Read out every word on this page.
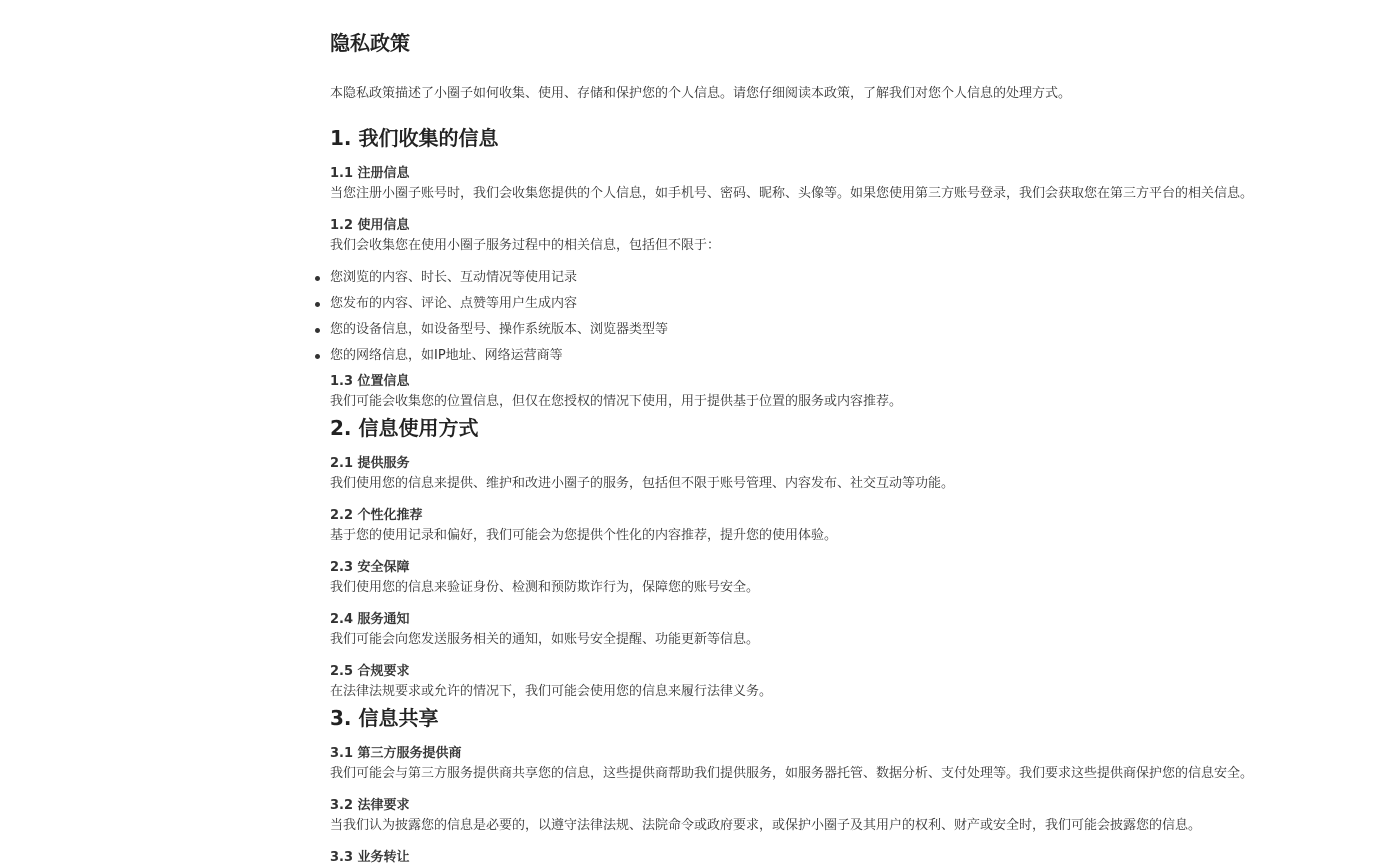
隐私政策

本隐私政策描述了小圈子如何收集、使用、存储和保护您的个人信息。请您仔细阅读本政策，了解我们对您个人信息的处理方式。

1. 我们收集的信息
1.1 注册信息

当您注册小圈子账号时，我们会收集您提供的个人信息，如手机号、密码、昵称、头像等。如果您使用第三方账号登录，我们会获取您在第三方平台的相关信息。

1.2 使用信息

我们会收集您在使用小圈子服务过程中的相关信息，包括但不限于：

您浏览的内容、时长、互动情况等使用记录
您发布的内容、评论、点赞等用户生成内容
您的设备信息，如设备型号、操作系统版本、浏览器类型等
您的网络信息，如IP地址、网络运营商等
1.3 位置信息

我们可能会收集您的位置信息，但仅在您授权的情况下使用，用于提供基于位置的服务或内容推荐。

2. 信息使用方式
2.1 提供服务

我们使用您的信息来提供、维护和改进小圈子的服务，包括但不限于账号管理、内容发布、社交互动等功能。

2.2 个性化推荐

基于您的使用记录和偏好，我们可能会为您提供个性化的内容推荐，提升您的使用体验。

2.3 安全保障

我们使用您的信息来验证身份、检测和预防欺诈行为，保障您的账号安全。

2.4 服务通知

我们可能会向您发送服务相关的通知，如账号安全提醒、功能更新等信息。

2.5 合规要求

在法律法规要求或允许的情况下，我们可能会使用您的信息来履行法律义务。

3. 信息共享
3.1 第三方服务提供商

我们可能会与第三方服务提供商共享您的信息，这些提供商帮助我们提供服务，如服务器托管、数据分析、支付处理等。我们要求这些提供商保护您的信息安全。

3.2 法律要求

当我们认为披露您的信息是必要的，以遵守法律法规、法院命令或政府要求，或保护小圈子及其用户的权利、财产或安全时，我们可能会披露您的信息。

3.3 业务转让
